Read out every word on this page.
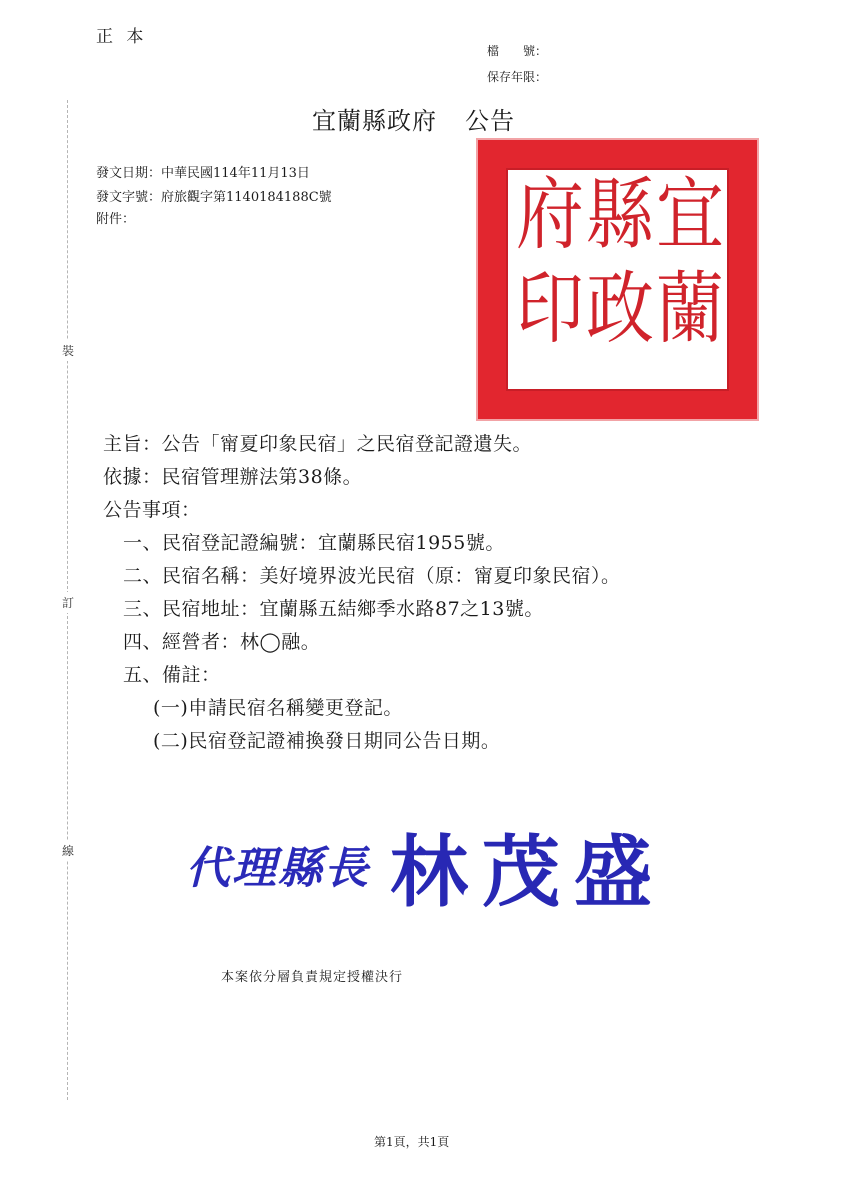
正 本
檔　　號：
保存年限：
宜蘭縣政府 公告
發文日期：中華民國114年11月13日
發文字號：府旅觀字第1140184188C號
附件：
裝
訂
線
宜
蘭
縣
政
府
印
主旨：公告「甯夏印象民宿」之民宿登記證遺失。
依據：民宿管理辦法第38條。
公告事項：
一、民宿登記證編號：宜蘭縣民宿1955號。
二、民宿名稱：美好境界波光民宿（原：甯夏印象民宿）。
三、民宿地址：宜蘭縣五結鄉季水路87之13號。
四、經營者：林◯融。
五、備註：
(一)申請民宿名稱變更登記。
(二)民宿登記證補換發日期同公告日期。
代理縣長 林茂盛
本案依分層負責規定授權決行
第1頁，共1頁
